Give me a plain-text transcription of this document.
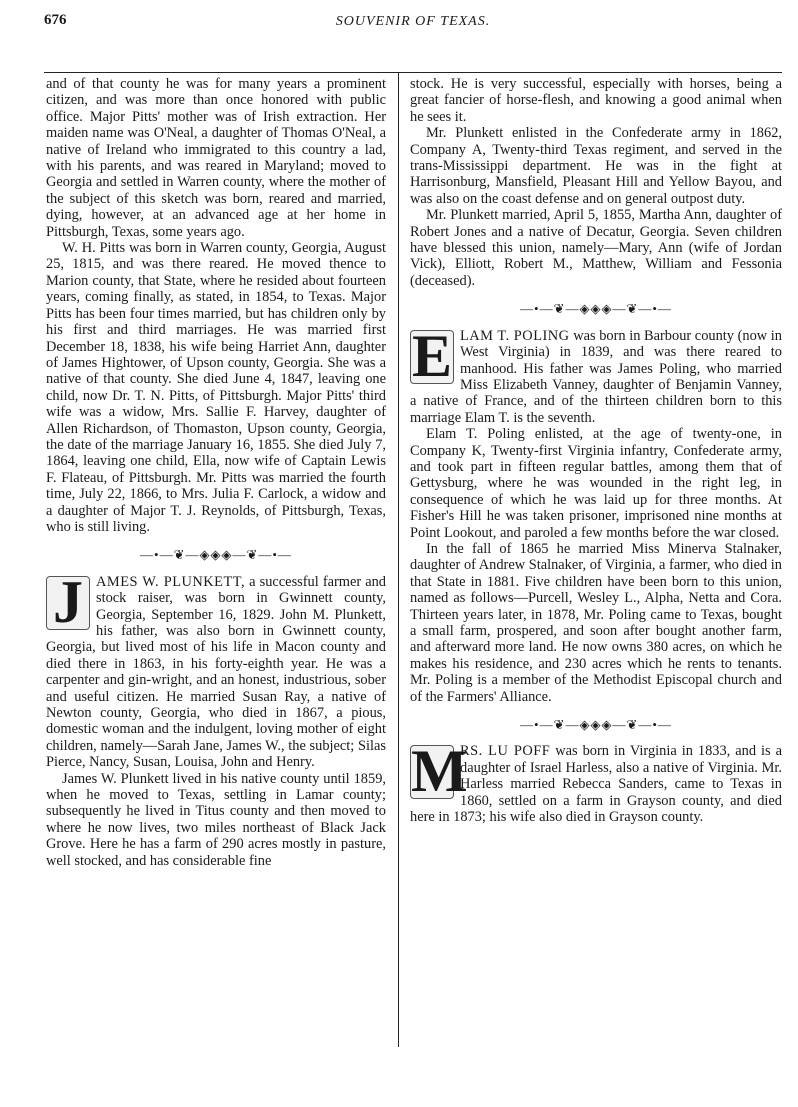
676	SOUVENIR OF TEXAS.

and of that county he was for many years a prominent citizen, and was more than once honored with public office. Major Pitts' mother was of Irish extraction. Her maiden name was O'Neal, a daughter of Thomas O'Neal, a native of Ireland who immigrated to this country a lad, with his parents, and was reared in Maryland; moved to Georgia and settled in Warren county, where the mother of the subject of this sketch was born, reared and married, dying, however, at an advanced age at her home in Pittsburgh, Texas, some years ago.

W. H. Pitts was born in Warren county, Georgia, August 25, 1815, and was there reared. He moved thence to Marion county, that State, where he resided about fourteen years, coming finally, as stated, in 1854, to Texas. Major Pitts has been four times married, but has children only by his first and third marriages. He was married first December 18, 1838, his wife being Harriet Ann, daughter of James Hightower, of Upson county, Georgia. She was a native of that county. She died June 4, 1847, leaving one child, now Dr. T. N. Pitts, of Pittsburgh. Major Pitts' third wife was a widow, Mrs. Sallie F. Harvey, daughter of Allen Richardson, of Thomaston, Upson county, Georgia, the date of the marriage January 16, 1855. She died July 7, 1864, leaving one child, Ella, now wife of Captain Lewis F. Flateau, of Pittsburgh. Mr. Pitts was married the fourth time, July 22, 1866, to Mrs. Julia F. Carlock, a widow and a daughter of Major T. J. Reynolds, of Pittsburgh, Texas, who is still living.

—•—❦—◈◈◈—❦—•—

J AMES W. PLUNKETT, a successful farmer and stock raiser, was born in Gwinnett county, Georgia, September 16, 1829. John M. Plunkett, his father, was also born in Gwinnett county, Georgia, but lived most of his life in Macon county and died there in 1863, in his forty-eighth year. He was a carpenter and gin-wright, and an honest, industrious, sober and useful citizen. He married Susan Ray, a native of Newton county, Georgia, who died in 1867, a pious, domestic woman and the indulgent, loving mother of eight children, namely—Sarah Jane, James W., the subject; Silas Pierce, Nancy, Susan, Louisa, John and Henry.

James W. Plunkett lived in his native county until 1859, when he moved to Texas, settling in Lamar county; subsequently he lived in Titus county and then moved to where he now lives, two miles northeast of Black Jack Grove. Here he has a farm of 290 acres mostly in pasture, well stocked, and has considerable fine

stock. He is very successful, especially with horses, being a great fancier of horse-flesh, and knowing a good animal when he sees it.

Mr. Plunkett enlisted in the Confederate army in 1862, Company A, Twenty-third Texas regiment, and served in the trans-Mississippi department. He was in the fight at Harrisonburg, Mansfield, Pleasant Hill and Yellow Bayou, and was also on the coast defense and on general outpost duty.

Mr. Plunkett married, April 5, 1855, Martha Ann, daughter of Robert Jones and a native of Decatur, Georgia. Seven children have blessed this union, namely—Mary, Ann (wife of Jordan Vick), Elliott, Robert M., Matthew, William and Fessonia (deceased).

—•—❦—◈◈◈—❦—•—

E LAM T. POLING was born in Barbour county (now in West Virginia) in 1839, and was there reared to manhood. His father was James Poling, who married Miss Elizabeth Vanney, daughter of Benjamin Vanney, a native of France, and of the thirteen children born to this marriage Elam T. is the seventh.

Elam T. Poling enlisted, at the age of twenty-one, in Company K, Twenty-first Virginia infantry, Confederate army, and took part in fifteen regular battles, among them that of Gettysburg, where he was wounded in the right leg, in consequence of which he was laid up for three months. At Fisher's Hill he was taken prisoner, imprisoned nine months at Point Lookout, and paroled a few months before the war closed.

In the fall of 1865 he married Miss Minerva Stalnaker, daughter of Andrew Stalnaker, of Virginia, a farmer, who died in that State in 1881. Five children have been born to this union, named as follows—Purcell, Wesley L., Alpha, Netta and Cora. Thirteen years later, in 1878, Mr. Poling came to Texas, bought a small farm, prospered, and soon after bought another farm, and afterward more land. He now owns 380 acres, on which he makes his residence, and 230 acres which he rents to tenants. Mr. Poling is a member of the Methodist Episcopal church and of the Farmers' Alliance.

—•—❦—◈◈◈—❦—•—

M
RS. LU POFF was born in Virginia in 1833, and is a daughter of Israel Harless, also a native of Virginia. Mr. Harless married Rebecca Sanders, came to Texas in 1860, settled on a farm in Grayson county, and died here in 1873; his wife also died in Grayson county.
